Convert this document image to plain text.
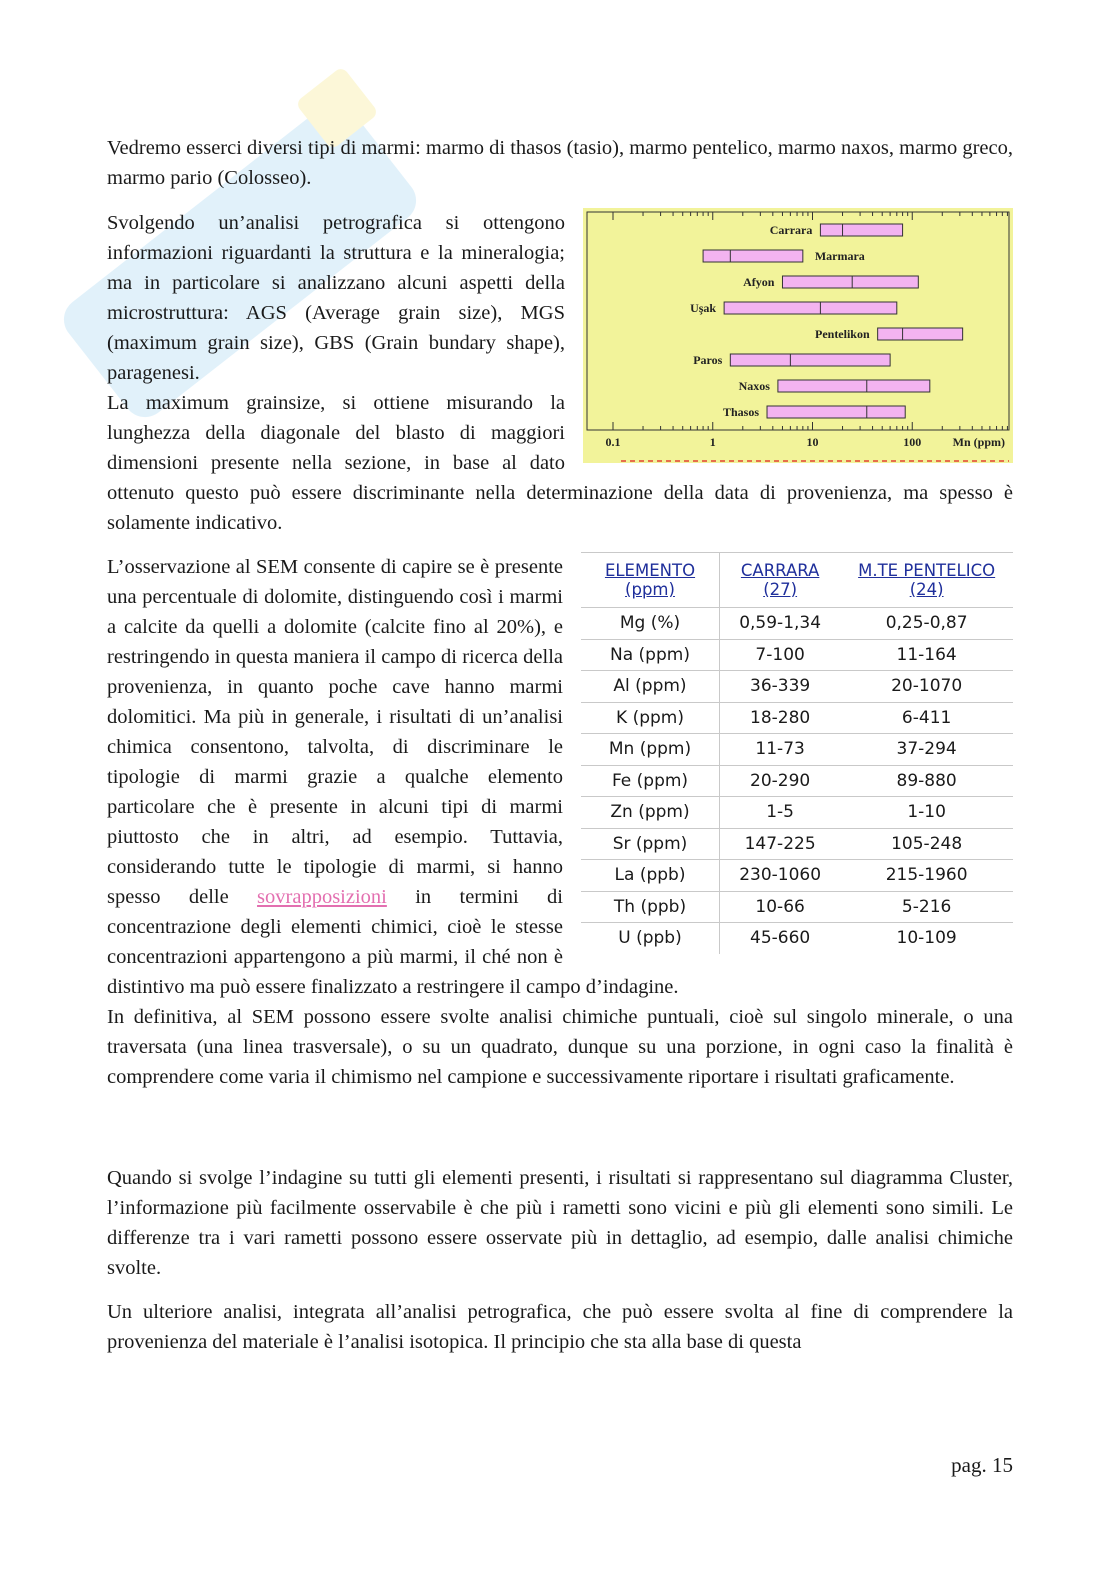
Vedremo esserci diversi tipi di marmi: marmo di thasos (tasio), marmo pentelico, marmo naxos, marmo greco, marmo pario (Colosseo).

0.1	1	10	100	Mn (ppm)
Carrara
Marmara
Afyon
Uşak
Pentelikon
Paros
Naxos
Thasos

Svolgendo un’analisi petrografica si ottengono informazioni riguardanti la struttura e la mineralogia; ma in particolare si analizzano alcuni aspetti della microstruttura: AGS (Average grain size), MGS (maximum grain size), GBS (Grain bundary shape), paragenesi.

La maximum grainsize, si ottiene misurando la lunghezza della diagonale del blasto di maggiori dimensioni presente nella sezione, in base al dato ottenuto questo può essere discriminante nella determinazione della data di provenienza, ma spesso è solamente indicativo.

ELEMENTO (ppm)	CARRARA (27)	M.TE PENTELICO (24)
Mg (%)	0,59-1,34	0,25-0,87
Na (ppm)	7-100	11-164
Al (ppm)	36-339	20-1070
K (ppm)	18-280	6-411
Mn (ppm)	11-73	37-294
Fe (ppm)	20-290	89-880
Zn (ppm)	1-5	1-10
Sr (ppm)	147-225	105-248
La (ppb)	230-1060	215-1960
Th (ppb)	10-66	5-216
U (ppb)	45-660	10-109

L’osservazione al SEM consente di capire se è presente una percentuale di dolomite, distinguendo così i marmi a calcite da quelli a dolomite (calcite fino al 20%), e restringendo in questa maniera il campo di ricerca della provenienza, in quanto poche cave hanno marmi dolomitici. Ma più in generale, i risultati di un’analisi chimica consentono, talvolta, di discriminare le tipologie di marmi grazie a qualche elemento particolare che è presente in alcuni tipi di marmi piuttosto che in altri, ad esempio. Tuttavia, considerando tutte le tipologie di marmi, si hanno spesso delle sovrapposizioni in termini di concentrazione degli elementi chimici, cioè le stesse concentrazioni appartengono a più marmi, il ché non è distintivo ma può essere finalizzato a restringere il campo d’indagine.

In definitiva, al SEM possono essere svolte analisi chimiche puntuali, cioè sul singolo minerale, o una traversata (una linea trasversale), o su un quadrato, dunque su una porzione, in ogni caso la finalità è comprendere come varia il chimismo nel campione e successivamente riportare i risultati graficamente.

Quando si svolge l’indagine su tutti gli elementi presenti, i risultati si rappresentano sul diagramma Cluster, l’informazione più facilmente osservabile è che più i rametti sono vicini e più gli elementi sono simili. Le differenze tra i vari rametti possono essere osservate più in dettaglio, ad esempio, dalle analisi chimiche svolte.

Un ulteriore analisi, integrata all’analisi petrografica, che può essere svolta al fine di comprendere la provenienza del materiale è l’analisi isotopica. Il principio che sta alla base di questa

pag. 15
